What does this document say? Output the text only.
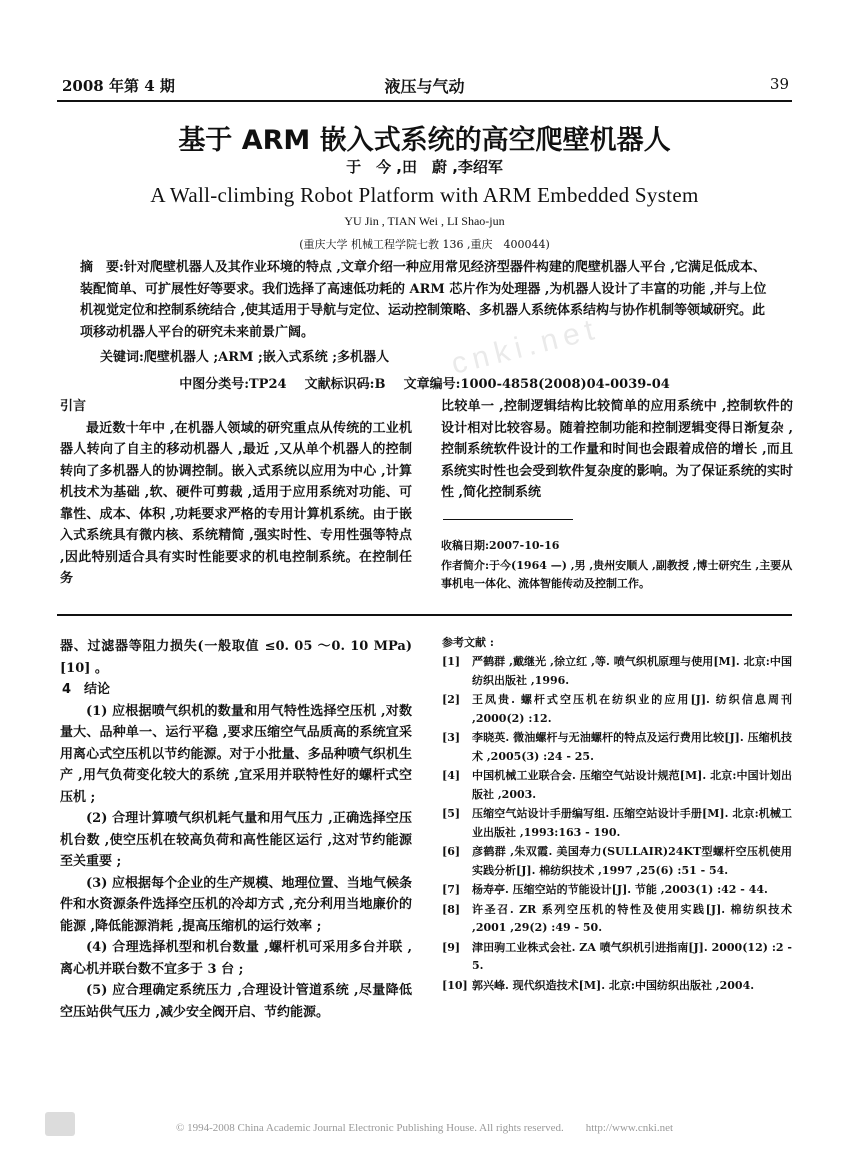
2008 年第 4 期	液压与气动	39
基于 ARM 嵌入式系统的高空爬壁机器人
于　今 ,田　蔚 ,李绍军
A Wall-climbing Robot Platform with ARM Embedded System
YU Jin , TIAN Wei , LI Shao-jun
(重庆大学 机械工程学院七教 136 ,重庆　400044)
摘　要:针对爬壁机器人及其作业环境的特点 ,文章介绍一种应用常见经济型器件构建的爬壁机器人平台 ,它满足低成本、装配简单、可扩展性好等要求。我们选择了高速低功耗的 ARM 芯片作为处理器 ,为机器人设计了丰富的功能 ,并与上位机视觉定位和控制系统结合 ,使其适用于导航与定位、运动控制策略、多机器人系统体系结构与协作机制等领域研究。此项移动机器人平台的研究未来前景广阔。
关键词:爬壁机器人 ;ARM ;嵌入式系统 ;多机器人
中图分类号:TP24 文献标识码:B 文章编号:1000-4858(2008)04-0039-04
cnki.net
引言

最近数十年中 ,在机器人领域的研究重点从传统的工业机器人转向了自主的移动机器人 ,最近 ,又从单个机器人的控制转向了多机器人的协调控制。嵌入式系统以应用为中心 ,计算机技术为基础 ,软、硬件可剪裁 ,适用于应用系统对功能、可靠性、成本、体积 ,功耗要求严格的专用计算机系统。由于嵌入式系统具有微内核、系统精简 ,强实时性、专用性强等特点 ,因此特别适合具有实时性能要求的机电控制系统。在控制任务

比较单一 ,控制逻辑结构比较简单的应用系统中 ,控制软件的设计相对比较容易。随着控制功能和控制逻辑变得日渐复杂 ,控制系统软件设计的工作量和时间也会跟着成倍的增长 ,而且系统实时性也会受到软件复杂度的影响。为了保证系统的实时性 ,简化控制系统

收稿日期:2007-10-16
作者简介:于今(1964 —) ,男 ,贵州安顺人 ,副教授 ,博士研究生 ,主要从事机电一体化、流体智能传动及控制工作。

器、过滤器等阻力损失(一般取值 ≤0. 05 ～0. 10 MPa) [10] 。

4　结论

(1) 应根据喷气织机的数量和用气特性选择空压机 ,对数量大、品种单一、运行平稳 ,要求压缩空气品质高的系统宜采用离心式空压机以节约能源。对于小批量、多品种喷气织机生产 ,用气负荷变化较大的系统 ,宜采用并联特性好的螺杆式空压机 ;

(2) 合理计算喷气织机耗气量和用气压力 ,正确选择空压机台数 ,使空压机在较高负荷和高性能区运行 ,这对节约能源至关重要 ;

(3) 应根据每个企业的生产规模、地理位置、当地气候条件和水资源条件选择空压机的冷却方式 ,充分利用当地廉价的能源 ,降低能源消耗 ,提高压缩机的运行效率 ;

(4) 合理选择机型和机台数量 ,螺杆机可采用多台并联 ,离心机并联台数不宜多于 3 台 ;

(5) 应合理确定系统压力 ,合理设计管道系统 ,尽量降低空压站供气压力 ,减少安全阀开启、节约能源。

参考文献 :
[1]	严鹤群 ,戴继光 ,徐立红 ,等. 喷气织机原理与使用[M]. 北京:中国纺织出版社 ,1996.
[2]	王凤贵. 螺杆式空压机在纺织业的应用[J]. 纺织信息周刊 ,2000(2) :12.
[3]	李晓英. 微油螺杆与无油螺杆的特点及运行费用比较[J]. 压缩机技术 ,2005(3) :24 - 25.
[4]	中国机械工业联合会. 压缩空气站设计规范[M]. 北京:中国计划出版社 ,2003.
[5]	压缩空气站设计手册编写组. 压缩空站设计手册[M]. 北京:机械工业出版社 ,1993:163 - 190.
[6]	彦鹤群 ,朱双霞. 美国寿力(SULLAIR)24KT型螺杆空压机使用实践分析[J]. 棉纺织技术 ,1997 ,25(6) :51 - 54.
[7]	杨寿亭. 压缩空站的节能设计[J]. 节能 ,2003(1) :42 - 44.
[8]	许圣召. ZR 系列空压机的特性及使用实践[J]. 棉纺织技术 ,2001 ,29(2) :49 - 50.
[9]	津田驹工业株式会社. ZA 喷气织机引进指南[J]. 2000(12) :2 - 5.
[10] 郭兴峰. 现代织造技术[M]. 北京:中国纺织出版社 ,2004.
© 1994-2008 China Academic Journal Electronic Publishing House. All rights reserved.　　http://www.cnki.net
